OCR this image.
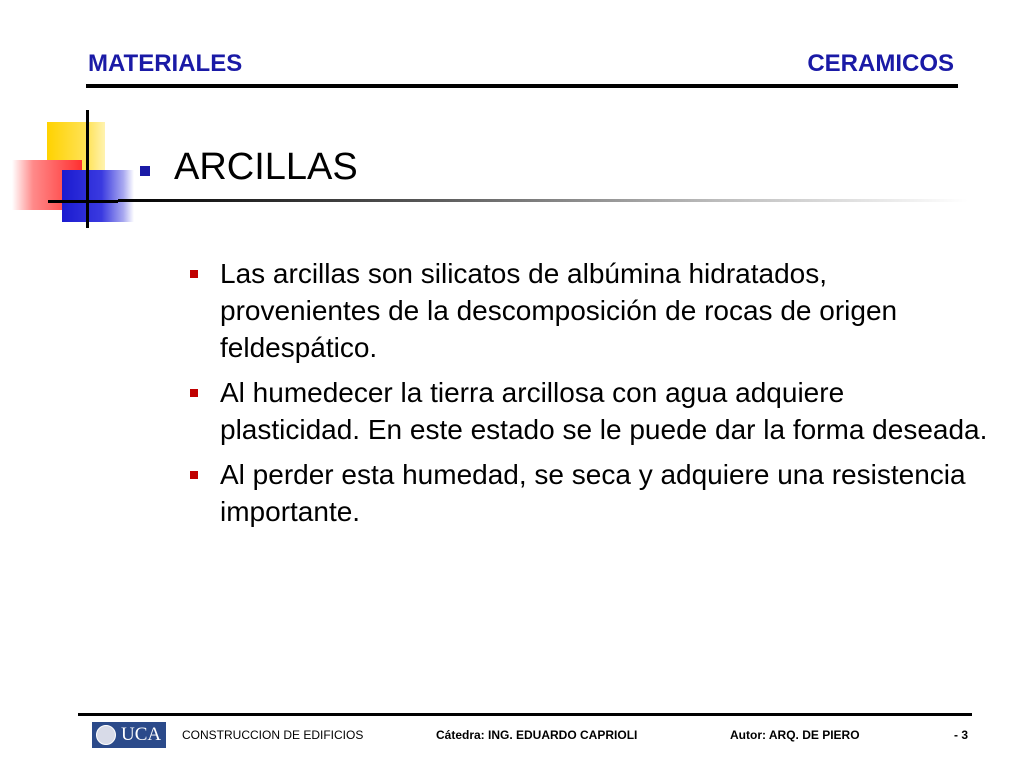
MATERIALES	CERAMICOS
ARCILLAS
Las arcillas son silicatos de albúmina hidratados, provenientes de la descomposición de rocas de origen feldespático.
Al humedecer la tierra arcillosa con agua adquiere plasticidad. En este estado se le puede dar la forma deseada.
Al perder esta humedad, se seca y adquiere una resistencia importante.
UCA CONSTRUCCION DE EDIFICIOS	Cátedra: ING. EDUARDO CAPRIOLI	Autor: ARQ. DE PIERO	- 3
